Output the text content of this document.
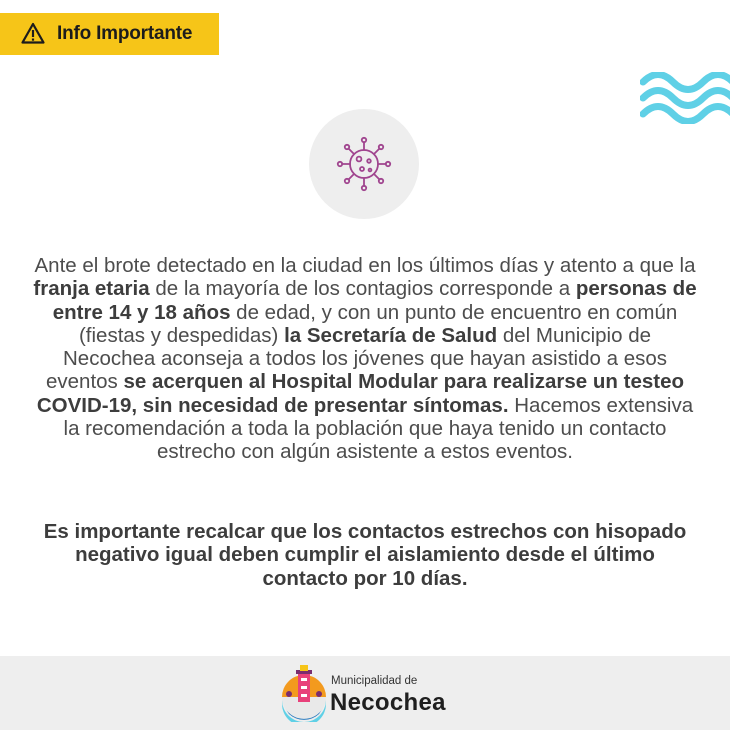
Info Importante

Ante el brote detectado en la ciudad en los últimos días y atento a que la franja etaria de la mayoría de los contagios corresponde a personas de entre 14 y 18 años de edad, y con un punto de encuentro en común (fiestas y despedidas) la Secretaría de Salud del Municipio de Necochea aconseja a todos los jóvenes que hayan asistido a esos eventos se acerquen al Hospital Modular para realizarse un testeo COVID-19, sin necesidad de presentar síntomas. Hacemos extensiva la recomendación a toda la población que haya tenido un contacto estrecho con algún asistente a estos eventos.

Es importante recalcar que los contactos estrechos con hisopado negativo igual deben cumplir el aislamiento desde el último contacto por 10 días.

Municipalidad de
Necochea
